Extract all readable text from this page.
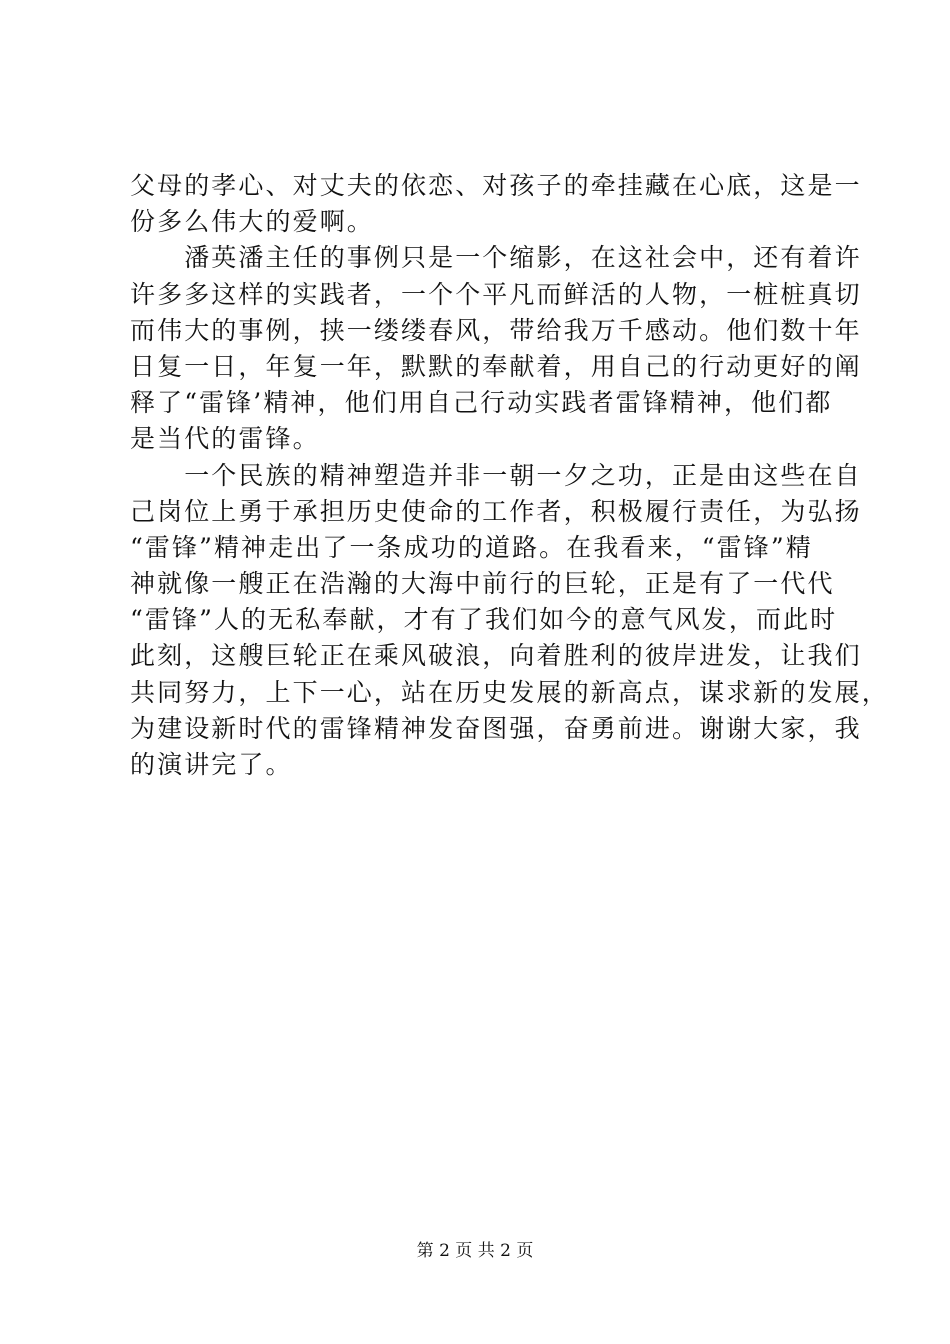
父母的孝心、对丈夫的依恋、对孩子的牵挂藏在心底，这是一
份多么伟大的爱啊。
　　潘英潘主任的事例只是一个缩影，在这社会中，还有着许
许多多这样的实践者，一个个平凡而鲜活的人物，一桩桩真切
而伟大的事例，挟一缕缕春风，带给我万千感动。他们数十年
日复一日，年复一年，默默的奉献着，用自己的行动更好的阐
释了“雷锋’精神，他们用自己行动实践者雷锋精神，他们都
是当代的雷锋。
　　一个民族的精神塑造并非一朝一夕之功，正是由这些在自
己岗位上勇于承担历史使命的工作者，积极履行责任，为弘扬
“雷锋”精神走出了一条成功的道路。在我看来，“雷锋”精
神就像一艘正在浩瀚的大海中前行的巨轮，正是有了一代代
“雷锋”人的无私奉献，才有了我们如今的意气风发，而此时
此刻，这艘巨轮正在乘风破浪，向着胜利的彼岸进发，让我们
共同努力，上下一心，站在历史发展的新高点，谋求新的发展，
为建设新时代的雷锋精神发奋图强，奋勇前进。谢谢大家，我
的演讲完了。
第 2 页 共 2 页
